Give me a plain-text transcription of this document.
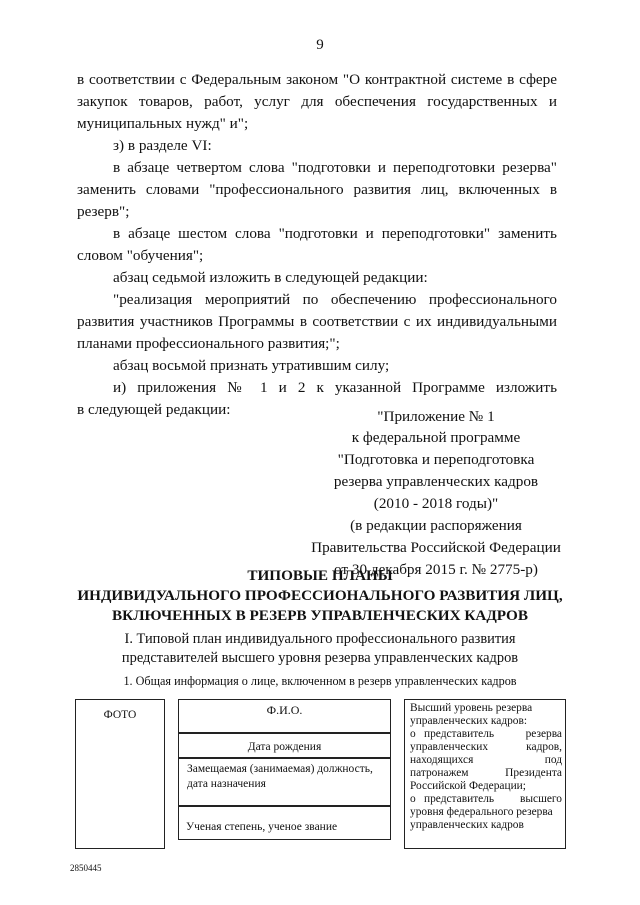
9
в соответствии с Федеральным законом "О контрактной системе в сфере
закупок товаров, работ, услуг для обеспечения государственных и
муниципальных нужд" и";
з) в разделе VI:
в абзаце четвертом слова "подготовки и переподготовки резерва"
заменить словами "профессионального развития лиц, включенных в
резерв";
в абзаце шестом слова "подготовки и переподготовки" заменить
словом "обучения";
абзац седьмой изложить в следующей редакции:
"реализация мероприятий по обеспечению профессионального
развития участников Программы в соответствии с их индивидуальными
планами профессионального развития;";
абзац восьмой признать утратившим силу;
и) приложения № 1 и 2 к указанной Программе изложить
в следующей редакции:	"Приложение № 1
к федеральной программе
"Подготовка и переподготовка
резерва управленческих кадров
(2010 - 2018 годы)"
(в редакции распоряжения
Правительства Российской Федерации
от 30 декабря 2015 г. № 2775-р)
ТИПОВЫЕ ПЛАНЫ
ИНДИВИДУАЛЬНОГО ПРОФЕССИОНАЛЬНОГО РАЗВИТИЯ ЛИЦ,
ВКЛЮЧЕННЫХ В РЕЗЕРВ УПРАВЛЕНЧЕСКИХ КАДРОВ
I. Типовой план индивидуального профессионального развития
представителей высшего уровня резерва управленческих кадров
1. Общая информация о лице, включенном в резерв управленческих кадров
ФОТО	Ф.И.О.
Дата рождения
Замещаемая (занимаемая) должность,
дата назначения
2850445
Ученая степень, ученое звание
Высший уровень резерва
управленческих кадров:
o представитель резерва
управленческих кадров,
находящихся под
патронажем Президента
Российской Федерации;
o представитель высшего
уровня федерального резерва
управленческих кадров
